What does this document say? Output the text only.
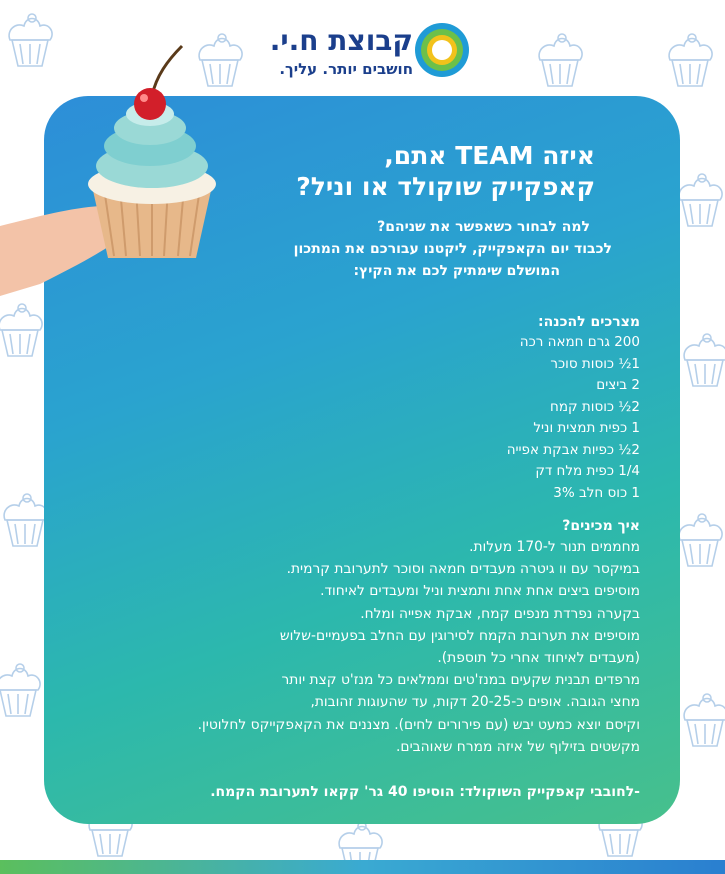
קבוצת ח.י.
חושבים יותר. עליך.
איזה TEAM אתם,
קאפקייק שוקולד או וניל?
למה לבחור כשאפשר את שניהם?
לכבוד יום הקאפקייק, ליקטנו עבורכם את המתכון
המושלם שימתיק לכם את הקיץ:
מצרכים להכנה:
200 גרם חמאה רכה
1½ כוסות סוכר
2 ביצים
2½ כוסות קמח
1 כפית תמצית וניל
2½ כפיות אבקת אפייה
1/4 כפית מלח דק
1 כוס חלב 3%
איך מכינים?
מחממים תנור ל-170 מעלות.
במיקסר עם וו גיטרה מעבדים חמאה וסוכר לתערובת קרמית.
מוסיפים ביצים אחת אחת ותמצית וניל ומעבדים לאיחוד.
בקערה נפרדת מנפים קמח, אבקת אפייה ומלח.
מוסיפים את תערובת הקמח לסירוגין עם החלב בפעמיים-שלוש
(מעבדים לאיחוד אחרי כל תוספת).
מרפדים תבנית שקעים במנז'טים וממלאים כל מנז'ט קצת יותר
מחצי הגובה. אופים כ-20-25 דקות, עד שהעוגות זהובות,
וקיסם יוצא כמעט יבש (עם פירורים לחים). מצננים את הקאפקייקס לחלוטין.
מקשטים בזילוף של איזה ממרח שאוהבים.
-לחובבי קאפקייק השוקולד: הוסיפו 40 גר' קקאו לתערובת הקמח.
